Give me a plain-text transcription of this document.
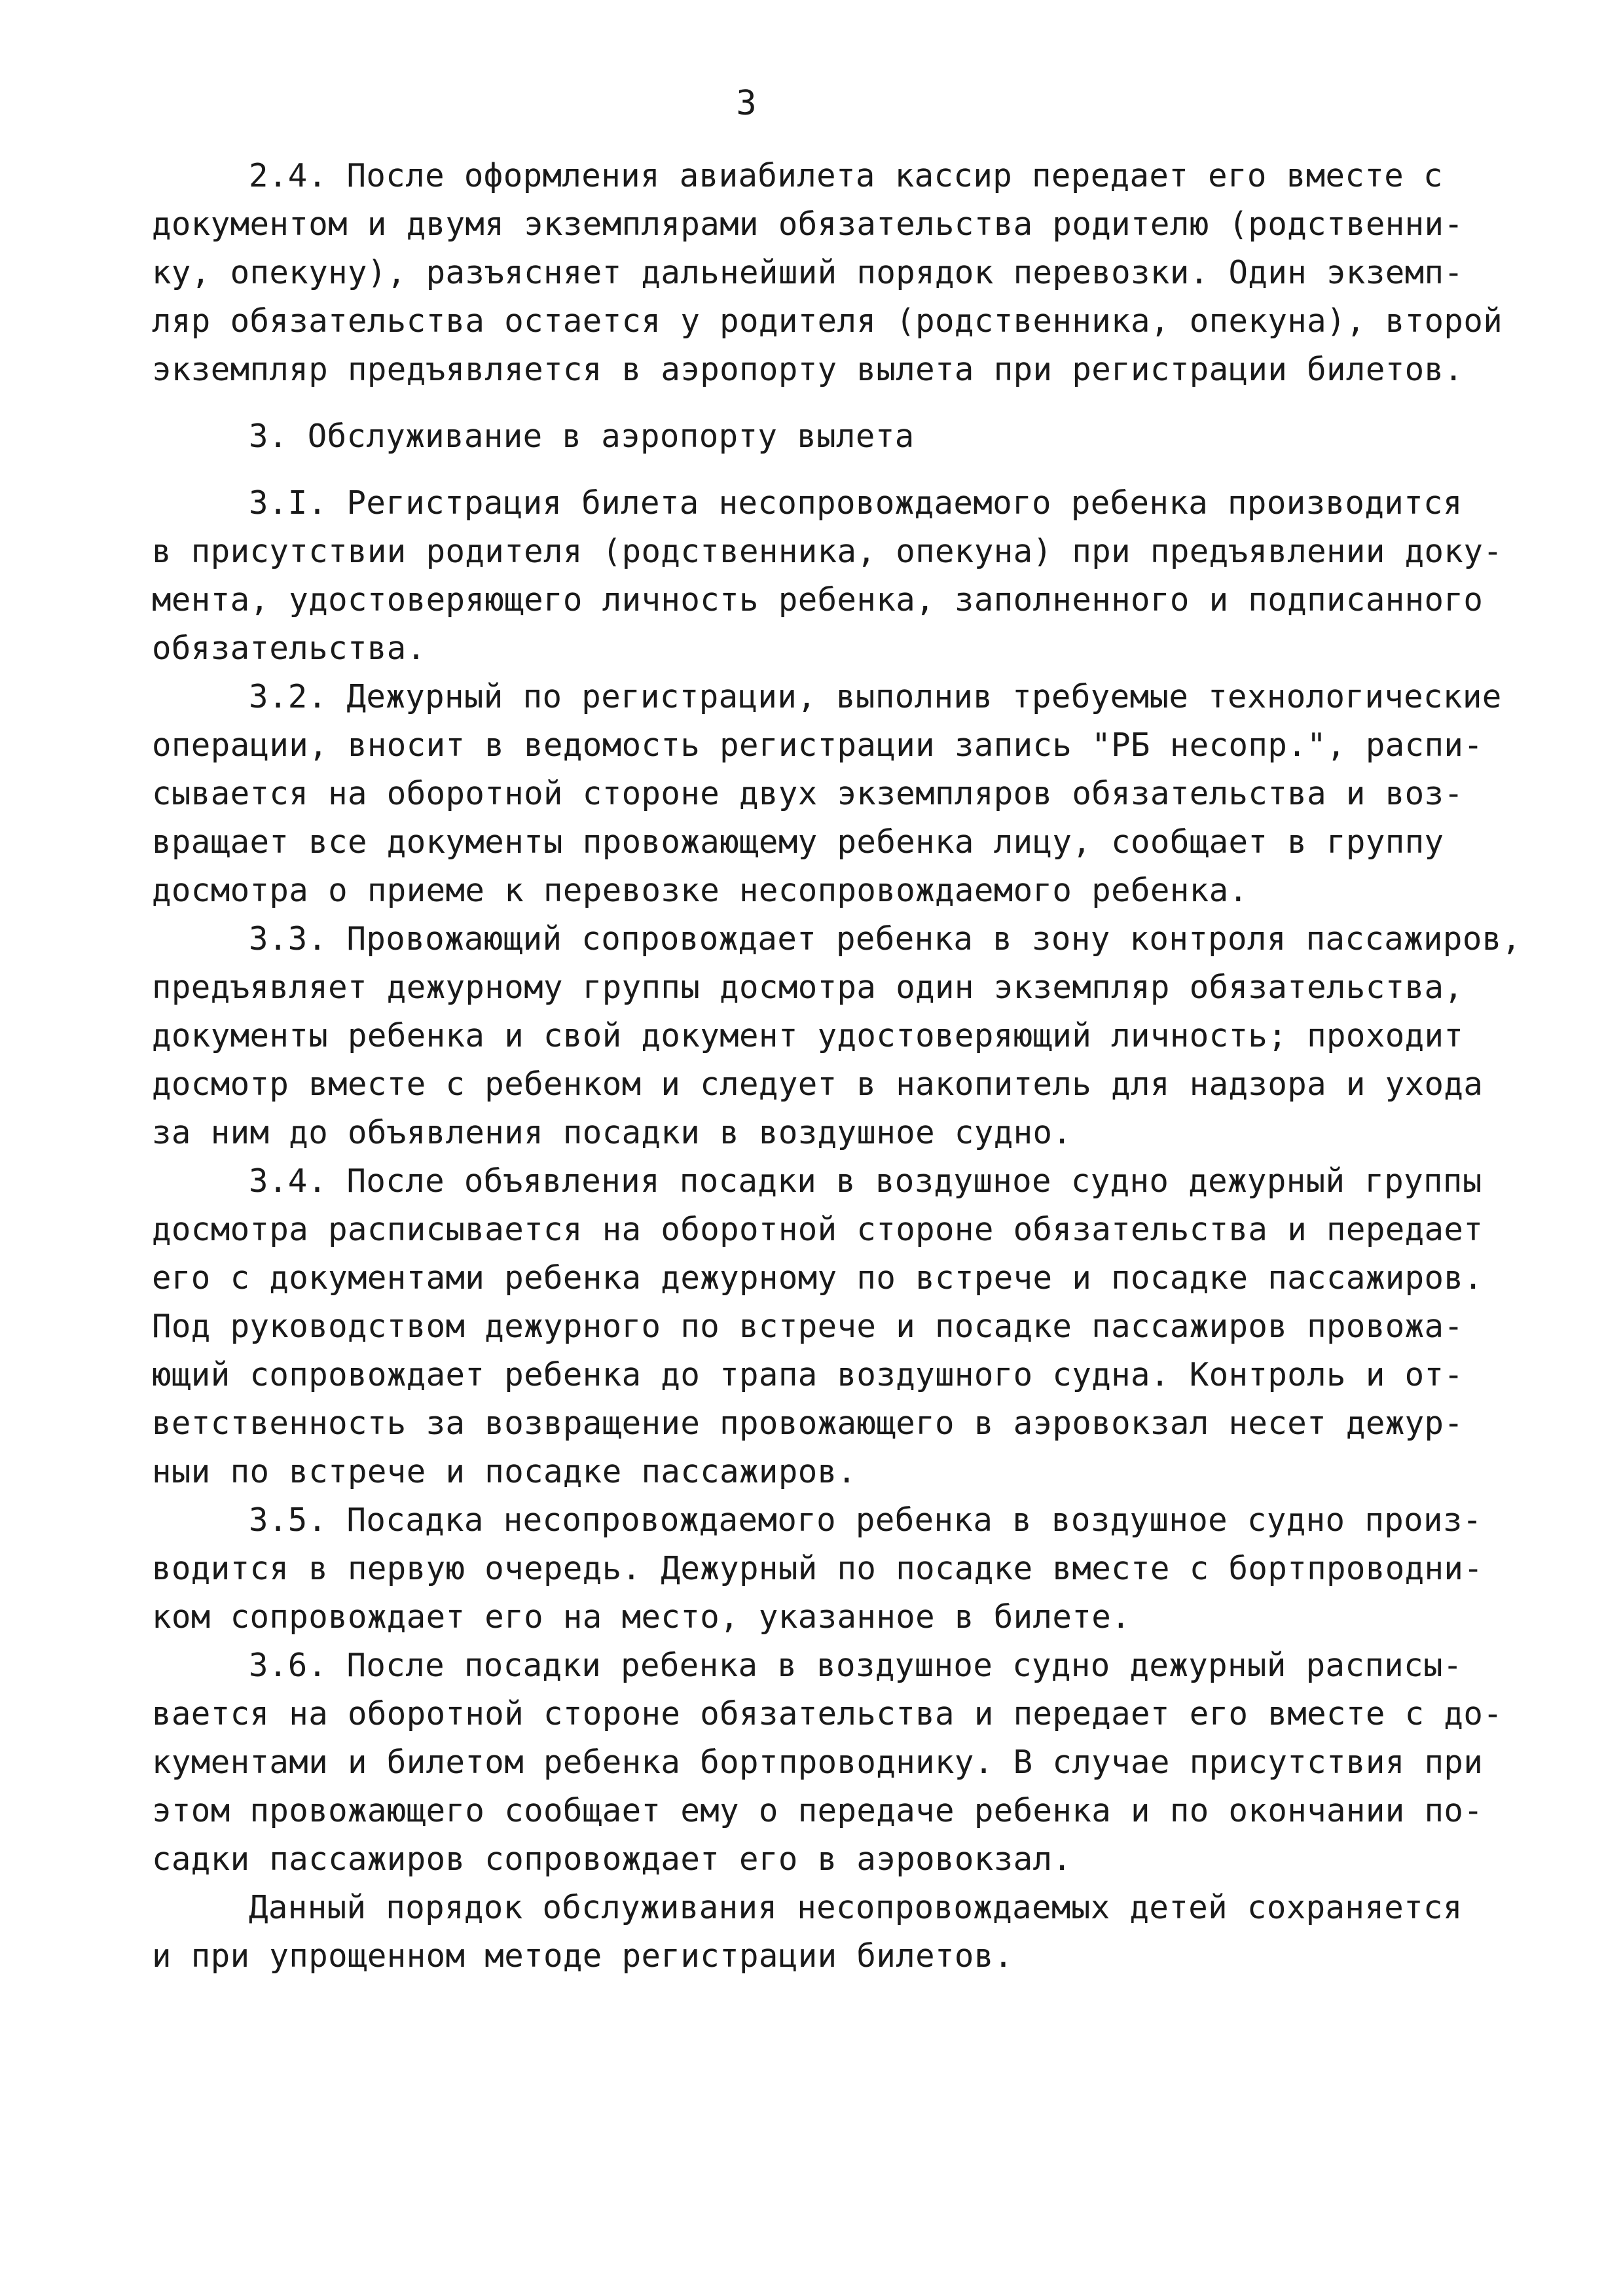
3
2.4. После оформления авиабилета кассир передает его вместе с
документом и двумя экземплярами обязательства родителю (родственни-
ку, опекуну), разъясняет дальнейший порядок перевозки. Один экземп-
ляр обязательства остается у родителя (родственника, опекуна), второй
экземпляр предъявляется в аэропорту вылета при регистрации билетов.
3. Обслуживание в аэропорту вылета
3.I. Регистрация билета несопровождаемого ребенка производится
в присутствии родителя (родственника, опекуна) при предъявлении доку-
мента, удостоверяющего личность ребенка, заполненного и подписанного
обязательства.
3.2. Дежурный по регистрации, выполнив требуемые технологические
операции, вносит в ведомость регистрации запись "РБ несопр.", распи-
сывается на оборотной стороне двух экземпляров обязательства и воз-
вращает все документы провожающему ребенка лицу, сообщает в группу
досмотра о приеме к перевозке несопровождаемого ребенка.
3.3. Провожающий сопровождает ребенка в зону контроля пассажиров,
предъявляет дежурному группы досмотра один экземпляр обязательства,
документы ребенка и свой документ удостоверяющий личность; проходит
досмотр вместе с ребенком и следует в накопитель для надзора и ухода
за ним до объявления посадки в воздушное судно.
3.4. После объявления посадки в воздушное судно дежурный группы
досмотра расписывается на оборотной стороне обязательства и передает
его с документами ребенка дежурному по встрече и посадке пассажиров.
Под руководством дежурного по встрече и посадке пассажиров провожа-
ющий сопровождает ребенка до трапа воздушного судна. Контроль и от-
ветственность за возвращение провожающего в аэровокзал несет дежур-
ныи по встрече и посадке пассажиров.
3.5. Посадка несопровождаемого ребенка в воздушное судно произ-
водится в первую очередь. Дежурный по посадке вместе с бортпроводни-
ком сопровождает его на место, указанное в билете.
3.6. После посадки ребенка в воздушное судно дежурный расписы-
вается на оборотной стороне обязательства и передает его вместе с до-
кументами и билетом ребенка бортпроводнику. В случае присутствия при
этом провожающего сообщает ему о передаче ребенка и по окончании по-
садки пассажиров сопровождает его в аэровокзал.
Данный порядок обслуживания несопровождаемых детей сохраняется
и при упрощенном методе регистрации билетов.
